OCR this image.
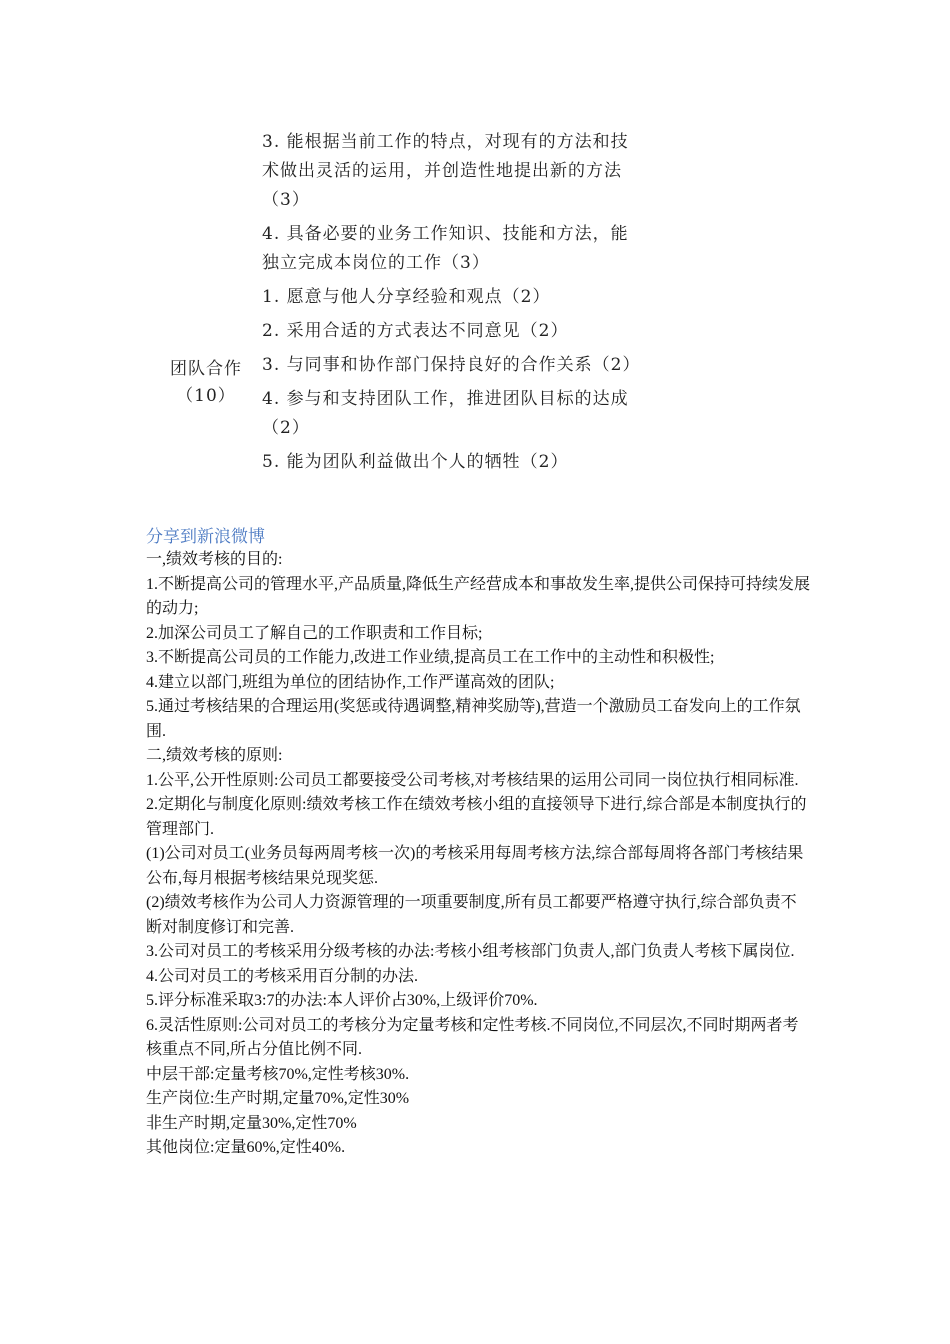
3. 能根据当前工作的特点，对现有的方法和技术做出灵活的运用，并创造性地提出新的方法（3）
4. 具备必要的业务工作知识、技能和方法，能独立完成本岗位的工作（3）
团队合作
（10）
1. 愿意与他人分享经验和观点（2）
2. 采用合适的方式表达不同意见（2）
3. 与同事和协作部门保持良好的合作关系（2）
4. 参与和支持团队工作，推进团队目标的达成（2）
5. 能为团队利益做出个人的牺牲（2）
分享到新浪微博

一,绩效考核的目的:

1.不断提高公司的管理水平,产品质量,降低生产经营成本和事故发生率,提供公司保持可持续发展的动力;

2.加深公司员工了解自己的工作职责和工作目标;

3.不断提高公司员的工作能力,改进工作业绩,提高员工在工作中的主动性和积极性;

4.建立以部门,班组为单位的团结协作,工作严谨高效的团队;

5.通过考核结果的合理运用(奖惩或待遇调整,精神奖励等),营造一个激励员工奋发向上的工作氛围.

二,绩效考核的原则:

1.公平,公开性原则:公司员工都要接受公司考核,对考核结果的运用公司同一岗位执行相同标准.

2.定期化与制度化原则:绩效考核工作在绩效考核小组的直接领导下进行,综合部是本制度执行的管理部门.

(1)公司对员工(业务员每两周考核一次)的考核采用每周考核方法,综合部每周将各部门考核结果公布,每月根据考核结果兑现奖惩.

(2)绩效考核作为公司人力资源管理的一项重要制度,所有员工都要严格遵守执行,综合部负责不断对制度修订和完善.

3.公司对员工的考核采用分级考核的办法:考核小组考核部门负责人,部门负责人考核下属岗位.

4.公司对员工的考核采用百分制的办法.

5.评分标准采取3:7的办法:本人评价占30%,上级评价70%.

6.灵活性原则:公司对员工的考核分为定量考核和定性考核.不同岗位,不同层次,不同时期两者考核重点不同,所占分值比例不同.

中层干部:定量考核70%,定性考核30%.

生产岗位:生产时期,定量70%,定性30%

非生产时期,定量30%,定性70%

其他岗位:定量60%,定性40%.
